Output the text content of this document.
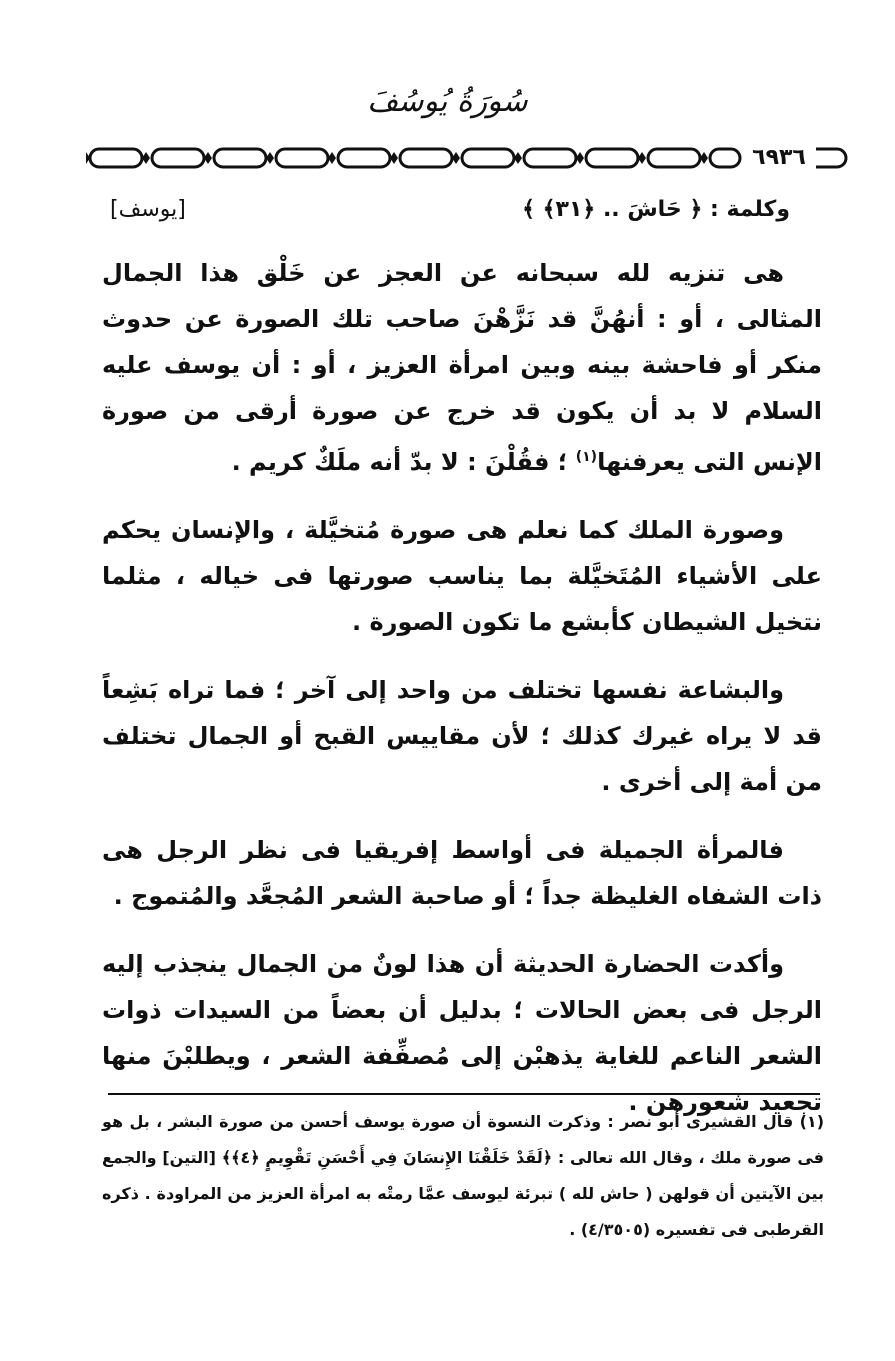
سُورَةُ يُوسُفَ
٦٩٣٦
وكلمة : ﴿ حَاشَ .. ﴿٣١﴾ ﴾
[يوسف]

هى تنزيه لله سبحانه عن العجز عن خَلْق هذا الجمال المثالى ، أو : أنهُنَّ قد نَزَّهْنَ صاحب تلك الصورة عن حدوث منكر أو فاحشة بينه وبين امرأة العزيز ، أو : أن يوسف عليه السلام لا بد أن يكون قد خرج عن صورة أرقى من صورة الإنس التى يعرفنها$^{(١)}$ ؛ فقُلْنَ : لا بدّ أنه ملَكٌ كريم .

وصورة الملك كما نعلم هى صورة مُتخيَّلة ، والإنسان يحكم على الأشياء المُتَخيَّلة بما يناسب صورتها فى خياله ، مثلما نتخيل الشيطان كأبشع ما تكون الصورة .

والبشاعة نفسها تختلف من واحد إلى آخر ؛ فما تراه بَشِعاً قد لا يراه غيرك كذلك ؛ لأن مقاييس القبح أو الجمال تختلف من أمة إلى أخرى .

فالمرأة الجميلة فى أواسط إفريقيا فى نظر الرجل هى ذات الشفاه الغليظة جداً ؛ أو صاحبة الشعر المُجعَّد والمُتموج .

وأكدت الحضارة الحديثة أن هذا لونٌ من الجمال ينجذب إليه الرجل فى بعض الحالات ؛ بدليل أن بعضاً من السيدات ذوات الشعر الناعم للغاية يذهبْن إلى مُصفِّفة الشعر ، ويطلبْنَ منها تجعيد شعورهن .

(١) قال القشيرى أبو نصر : وذكرت النسوة أن صورة يوسف أحسن من صورة البشر ، بل هو فى صورة ملك ، وقال الله تعالى : ﴿لَقَدْ خَلَقْنَا الإِنسَانَ فِي أَحْسَنِ تَقْوِيمٍ ﴿٤﴾﴾ [التين] والجمع بين الآيتين أن قولهن ( حاش لله ) تبرئة ليوسف عمَّا رمتْه به امرأة العزيز من المراودة . ذكره القرطبى فى تفسيره (٤/٣٥٠٥) .
